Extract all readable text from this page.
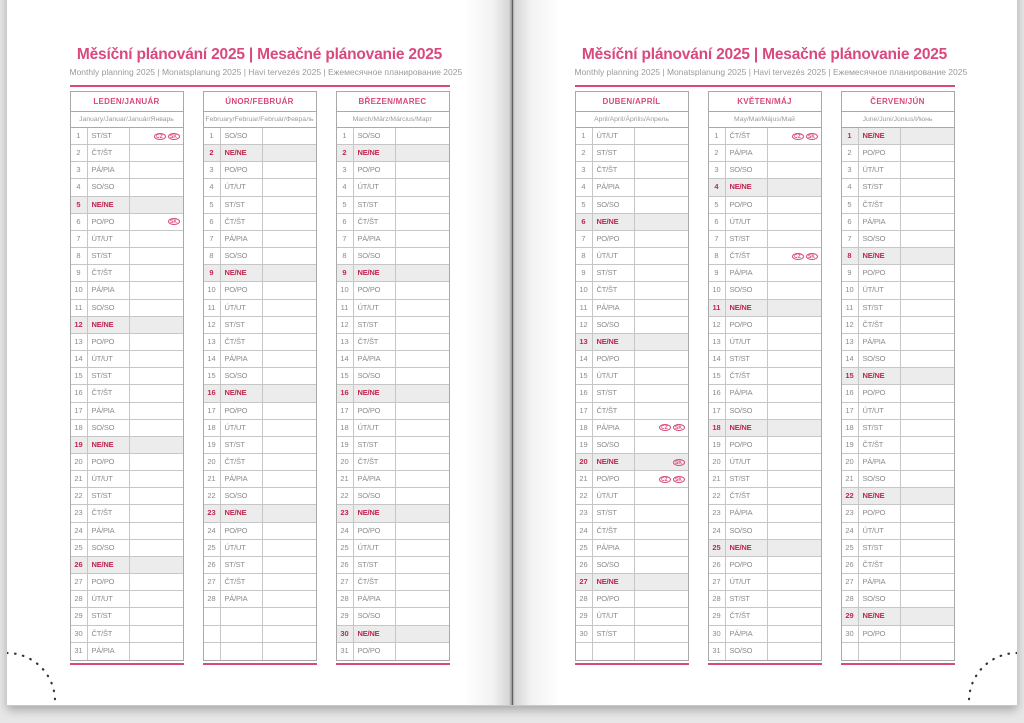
Měsíční plánování 2025 | Mesačné plánovanie 2025
Monthly planning 2025 | Monatsplanung 2025 | Havi tervezés 2025 | Ежемесячное планирование 2025
LEDEN/JANUÁR
January/Januar/Január/Январь
1	ST/ST	CZ	SK
2	ČT/ŠT
3	PÁ/PIA
4	SO/SO
5	NE/NE
6	PO/PO	SK
7	ÚT/UT
8	ST/ST
9	ČT/ŠT
10	PÁ/PIA
11	SO/SO
12	NE/NE
13	PO/PO
14	ÚT/UT
15	ST/ST
16	ČT/ŠT
17	PÁ/PIA
18	SO/SO
19	NE/NE
20	PO/PO
21	ÚT/UT
22	ST/ST
23	ČT/ŠT
24	PÁ/PIA
25	SO/SO
26	NE/NE
27	PO/PO
28	ÚT/UT
29	ST/ST
30	ČT/ŠT
31	PÁ/PIA
ÚNOR/FEBRUÁR
February/Februar/Február/Февраль
1	SO/SO
2	NE/NE
3	PO/PO
4	ÚT/UT
5	ST/ST
6	ČT/ŠT
7	PÁ/PIA
8	SO/SO
9	NE/NE
10	PO/PO
11	ÚT/UT
12	ST/ST
13	ČT/ŠT
14	PÁ/PIA
15	SO/SO
16	NE/NE
17	PO/PO
18	ÚT/UT
19	ST/ST
20	ČT/ŠT
21	PÁ/PIA
22	SO/SO
23	NE/NE
24	PO/PO
25	ÚT/UT
26	ST/ST
27	ČT/ŠT
28	PÁ/PIA
BŘEZEN/MAREC
March/März/Március/Март
1	SO/SO
2	NE/NE
3	PO/PO
4	ÚT/UT
5	ST/ST
6	ČT/ŠT
7	PÁ/PIA
8	SO/SO
9	NE/NE
10	PO/PO
11	ÚT/UT
12	ST/ST
13	ČT/ŠT
14	PÁ/PIA
15	SO/SO
16	NE/NE
17	PO/PO
18	ÚT/UT
19	ST/ST
20	ČT/ŠT
21	PÁ/PIA
22	SO/SO
23	NE/NE
24	PO/PO
25	ÚT/UT
26	ST/ST
27	ČT/ŠT
28	PÁ/PIA
29	SO/SO
30	NE/NE
31	PO/PO
Měsíční plánování 2025 | Mesačné plánovanie 2025
Monthly planning 2025 | Monatsplanung 2025 | Havi tervezés 2025 | Ежемесячное планирование 2025
DUBEN/APRÍL
April/Apríl/Április/Апрель
1	ÚT/UT
2	ST/ST
3	ČT/ŠT
4	PÁ/PIA
5	SO/SO
6	NE/NE
7	PO/PO
8	ÚT/UT
9	ST/ST
10	ČT/ŠT
11	PÁ/PIA
12	SO/SO
13	NE/NE
14	PO/PO
15	ÚT/UT
16	ST/ST
17	ČT/ŠT
18	PÁ/PIA	CZ	SK
19	SO/SO
20	NE/NE	SK
21	PO/PO	CZ	SK
22	ÚT/UT
23	ST/ST
24	ČT/ŠT
25	PÁ/PIA
26	SO/SO
27	NE/NE
28	PO/PO
29	ÚT/UT
30	ST/ST
KVĚTEN/MÁJ
May/Mai/Május/Май
1	ČT/ŠT	CZ	SK
2	PÁ/PIA
3	SO/SO
4	NE/NE
5	PO/PO
6	ÚT/UT
7	ST/ST
8	ČT/ŠT	CZ	SK
9	PÁ/PIA
10	SO/SO
11	NE/NE
12	PO/PO
13	ÚT/UT
14	ST/ST
15	ČT/ŠT
16	PÁ/PIA
17	SO/SO
18	NE/NE
19	PO/PO
20	ÚT/UT
21	ST/ST
22	ČT/ŠT
23	PÁ/PIA
24	SO/SO
25	NE/NE
26	PO/PO
27	ÚT/UT
28	ST/ST
29	ČT/ŠT
30	PÁ/PIA
31	SO/SO
ČERVEN/JÚN
June/Juni/Június/Июнь
1	NE/NE
2	PO/PO
3	ÚT/UT
4	ST/ST
5	ČT/ŠT
6	PÁ/PIA
7	SO/SO
8	NE/NE
9	PO/PO
10	ÚT/UT
11	ST/ST
12	ČT/ŠT
13	PÁ/PIA
14	SO/SO
15	NE/NE
16	PO/PO
17	ÚT/UT
18	ST/ST
19	ČT/ŠT
20	PÁ/PIA
21	SO/SO
22	NE/NE
23	PO/PO
24	ÚT/UT
25	ST/ST
26	ČT/ŠT
27	PÁ/PIA
28	SO/SO
29	NE/NE
30	PO/PO
